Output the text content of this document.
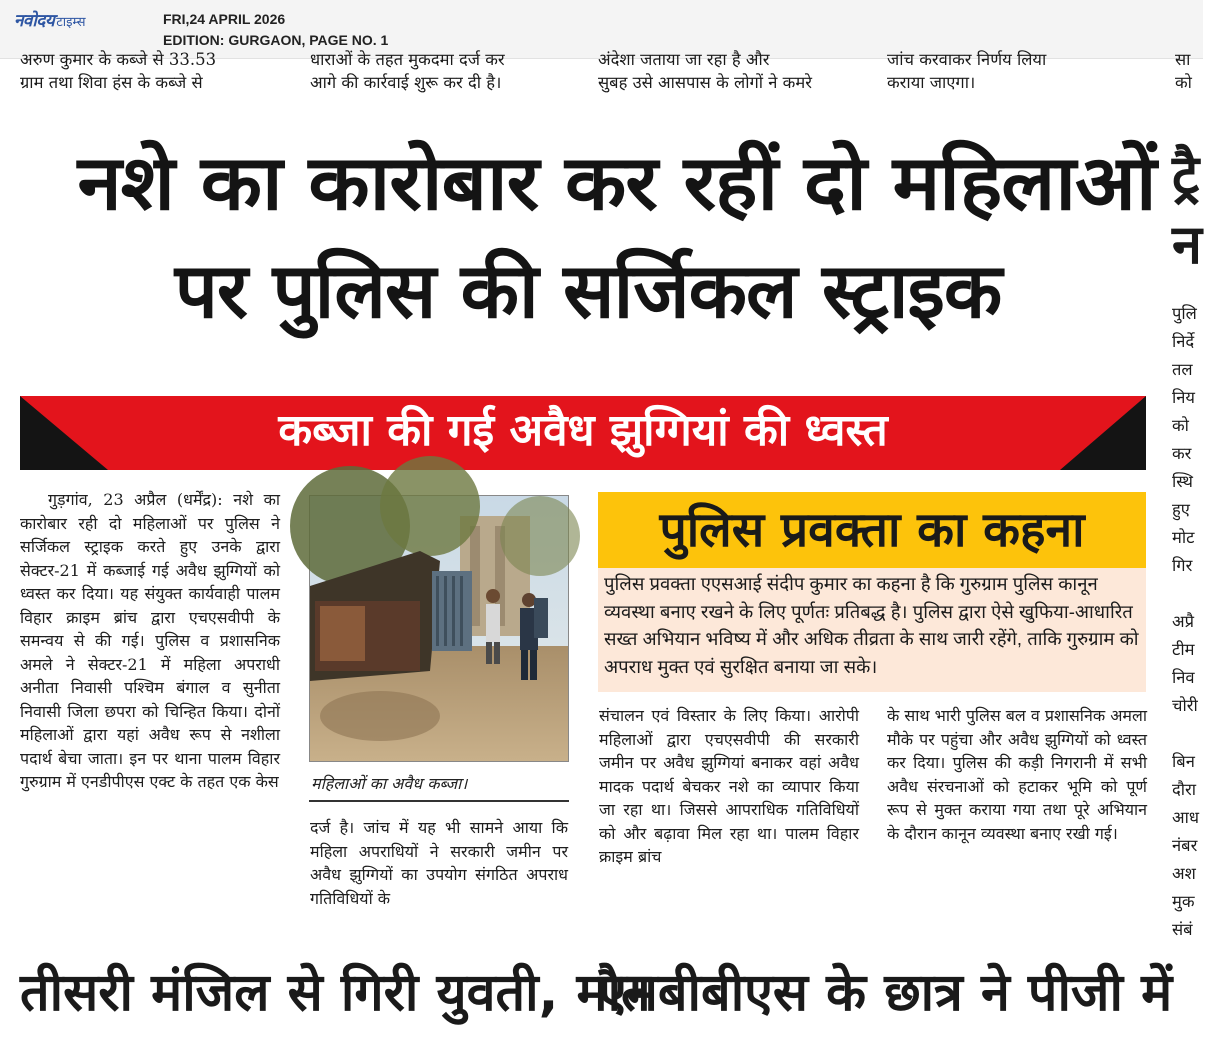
नवोदय टाइम्स	FRI,24 APRIL 2026
EDITION: GURGAON, PAGE NO. 1
अरुण कुमार के कब्जे से 33.53
ग्राम तथा शिवा हंस के कब्जे से
धाराओं के तहत मुकदमा दर्ज कर
आगे की कार्रवाई शुरू कर दी है।
अंदेशा जताया जा रहा है और
सुबह उसे आसपास के लोगों ने कमरे
जांच करवाकर निर्णय लिया
कराया जाएगा।
सा
को
नशे का कारोबार कर रहीं दो महिलाओं
पर पुलिस की सर्जिकल स्ट्राइक
ट्रै
न
कब्जा की गई अवैध झुग्गियां की ध्वस्त

गुड़गांव, 23 अप्रैल (धर्मेंद्र): नशे का कारोबार रही दो महिलाओं पर पुलिस ने सर्जिकल स्ट्राइक करते हुए उनके द्वारा सेक्टर-21 में कब्जाई गई अवैध झुग्गियों को ध्वस्त कर दिया। यह संयुक्त कार्यवाही पालम विहार क्राइम ब्रांच द्वारा एचएसवीपी के समन्वय से की गई। पुलिस व प्रशासनिक अमले ने सेक्टर-21 में महिला अपराधी अनीता निवासी पश्चिम बंगाल व सुनीता निवासी जिला छपरा को चिन्हित किया। दोनों महिलाओं द्वारा यहां अवैध रूप से नशीला पदार्थ बेचा जाता। इन पर थाना पालम विहार गुरुग्राम में एनडीपीएस एक्ट के तहत एक केस महिलाओं का अवैध कब्जा।

दर्ज है। जांच में यह भी सामने आया कि महिला अपराधियों ने सरकारी जमीन पर अवैध झुग्गियों का उपयोग संगठित अपराध गतिविधियों के

पुलिस प्रवक्ता का कहना
पुलिस प्रवक्ता एएसआई संदीप कुमार का कहना है कि गुरुग्राम पुलिस कानून व्यवस्था बनाए रखने के लिए पूर्णतः प्रतिबद्ध है। पुलिस द्वारा ऐसे खुफिया-आधारित सख्त अभियान भविष्य में और अधिक तीव्रता के साथ जारी रहेंगे, ताकि गुरुग्राम को अपराध मुक्त एवं सुरक्षित बनाया जा सके।

संचालन एवं विस्तार के लिए किया। आरोपी महिलाओं द्वारा एचएसवीपी की सरकारी जमीन पर अवैध झुग्गियां बनाकर वहां अवैध मादक पदार्थ बेचकर नशे का व्यापार किया जा रहा था। जिससे आपराधिक गतिविधियों को और बढ़ावा मिल रहा था। पालम विहार क्राइम ब्रांच

के साथ भारी पुलिस बल व प्रशासनिक अमला मौके पर पहुंचा और अवैध झुग्गियों को ध्वस्त कर दिया। पुलिस की कड़ी निगरानी में सभी अवैध संरचनाओं को हटाकर भूमि को पूर्ण रूप से मुक्त कराया गया तथा पूरे अभियान के दौरान कानून व्यवस्था बनाए रखी गई।

पुलि
निर्दे
तल
निय
को
कर
स्थि
हुए
मोट
गिर

अप्रै
टीम
निव
चोरी

बिन
दौरा
आध
नंबर
अश
मुक
संबं
तीसरी मंजिल से गिरी युवती, मौत
एमबीबीएस के छात्र ने पीजी में
